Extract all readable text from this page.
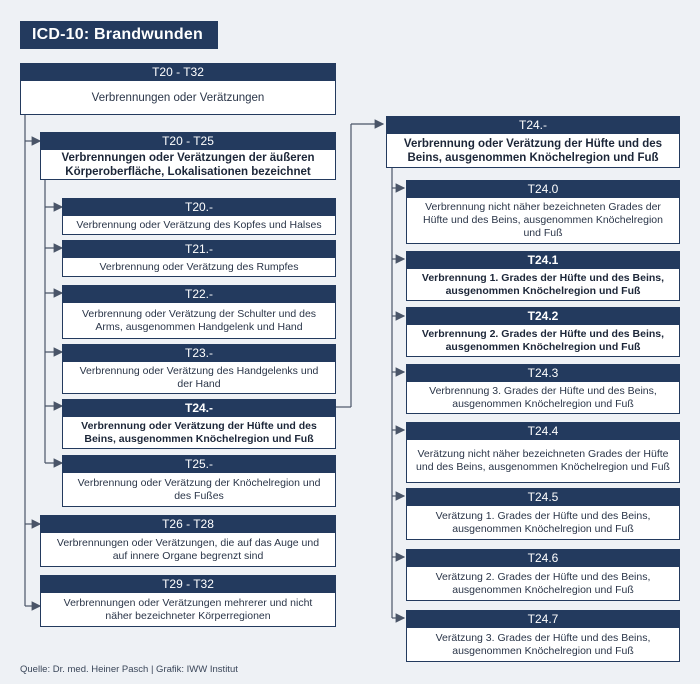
ICD-10: Brandwunden
T20 - T32
Verbrennungen oder Verätzungen
T20 - T25
Verbrennungen oder Verätzungen der äußeren Körperoberfläche, Lokalisationen bezeichnet
T20.-
Verbrennung oder Verätzung des Kopfes und Halses
T21.-
Verbrennung oder Verätzung des Rumpfes
T22.-
Verbrennung oder Verätzung der Schulter und des Arms, ausgenommen Handgelenk und Hand
T23.-
Verbrennung oder Verätzung des Handgelenks und der Hand
T24.-
Verbrennung oder Verätzung der Hüfte und des Beins, ausgenommen Knöchelregion und Fuß
T25.-
Verbrennung oder Verätzung der Knöchelregion und des Fußes
T26 - T28
Verbrennungen oder Verätzungen, die auf das Auge und auf innere Organe begrenzt sind
T29 - T32
Verbrennungen oder Verätzungen mehrerer und nicht näher bezeichneter Körperregionen
T24.-
Verbrennung oder Verätzung der Hüfte und des Beins, ausgenommen Knöchelregion und Fuß
T24.0
Verbrennung nicht näher bezeichneten Grades der Hüfte und des Beins, ausgenommen Knöchelregion und Fuß
T24.1
Verbrennung 1. Grades der Hüfte und des Beins, ausgenommen Knöchelregion und Fuß
T24.2
Verbrennung 2. Grades der Hüfte und des Beins, ausgenommen Knöchelregion und Fuß
T24.3
Verbrennung 3. Grades der Hüfte und des Beins, ausgenommen Knöchelregion und Fuß
T24.4
Verätzung nicht näher bezeichneten Grades der Hüfte und des Beins, ausgenommen Knöchelregion und Fuß
T24.5
Verätzung 1. Grades der Hüfte und des Beins, ausgenommen Knöchelregion und Fuß
T24.6
Verätzung 2. Grades der Hüfte und des Beins, ausgenommen Knöchelregion und Fuß
T24.7
Verätzung 3. Grades der Hüfte und des Beins, ausgenommen Knöchelregion und Fuß
Quelle: Dr. med. Heiner Pasch | Grafik: IWW Institut
